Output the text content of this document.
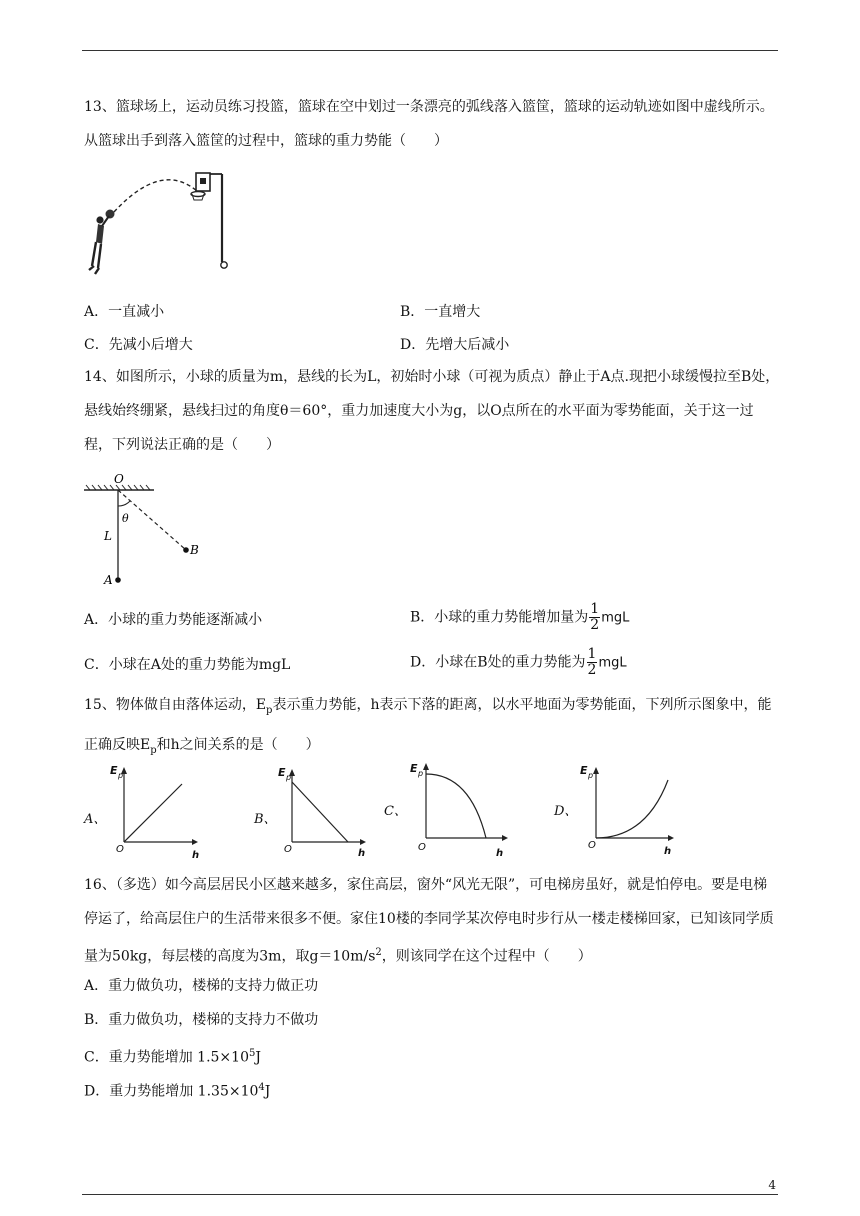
13、篮球场上，运动员练习投篮，篮球在空中划过一条漂亮的弧线落入篮筐，篮球的运动轨迹如图中虚线所示。从篮球出手到落入篮筐的过程中，篮球的重力势能（　　）
A．一直减小	B．一直增大
C．先减小后增大	D．先增大后减小
14、如图所示，小球的质量为m，悬线的长为L，初始时小球（可视为质点）静止于A点.现把小球缓慢拉至B处，悬线始终绷紧，悬线扫过的角度θ＝60°，重力加速度大小为g，以O点所在的水平面为零势能面，关于这一过程，下列说法正确的是（　　）
O
θ
L
A
B
A．小球的重力势能逐渐减小	B．小球的重力势能增加量为 $\frac{1}{2}$ mgL
C．小球在A处的重力势能为mgL	D．小球在B处的重力势能为 $\frac{1}{2}$ mgL
15、物体做自由落体运动，$E_p$表示重力势能，h表示下落的距离，以水平地面为零势能面，下列所示图象中，能正确反映$E_p$和h之间关系的是（　　）
A、
E p
O
h
B、
E p
O	h
C、
E p
O
h
D、
E p
O
h
16、（多选）如今高层居民小区越来越多，家住高层，窗外“风光无限”，可电梯房虽好，就是怕停电。要是电梯停运了，给高层住户的生活带来很多不便。家住10楼的李同学某次停电时步行从一楼走楼梯回家，已知该同学质量为50kg，每层楼的高度为3m，取$g=10m/s^2$，则该同学在这个过程中（　　）
A．重力做负功，楼梯的支持力做正功
B．重力做负功，楼梯的支持力不做功
C．重力势能增加 $1.5\times 10^5J$
D．重力势能增加 $1.35\times 10^4J$
4
